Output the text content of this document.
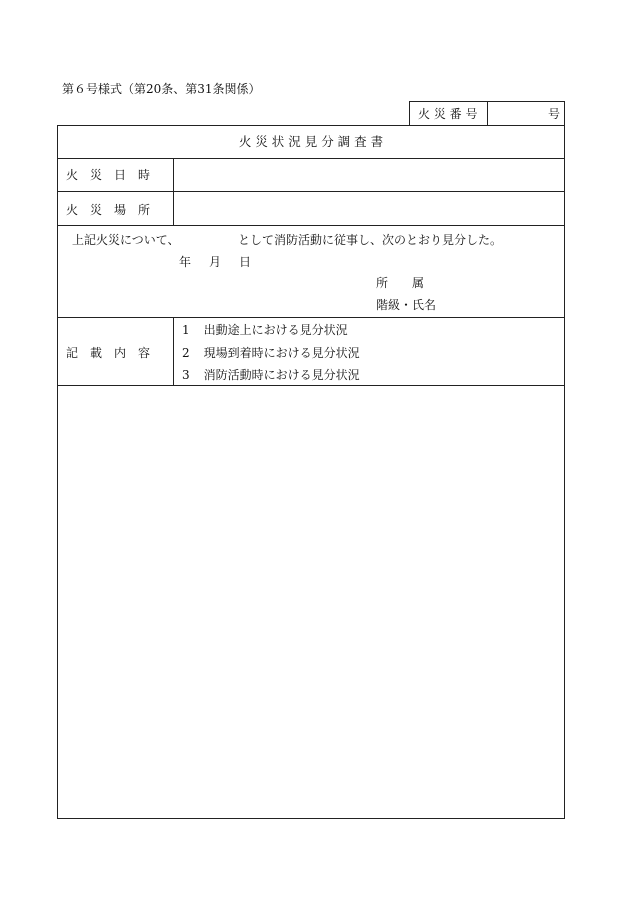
第６号様式（第20条、第31条関係）
火 災 番 号	号
火 災 状 況 見 分 調 査 書
火　災　日　時
火　災　場　所
上記火災について、	として消防活動に従事し、次のとおり見分した。
年　月　日
所　　属
階級・氏名
記　載　内　容
1 出動途上における見分状況
2 現場到着時における見分状況
3 消防活動時における見分状況
